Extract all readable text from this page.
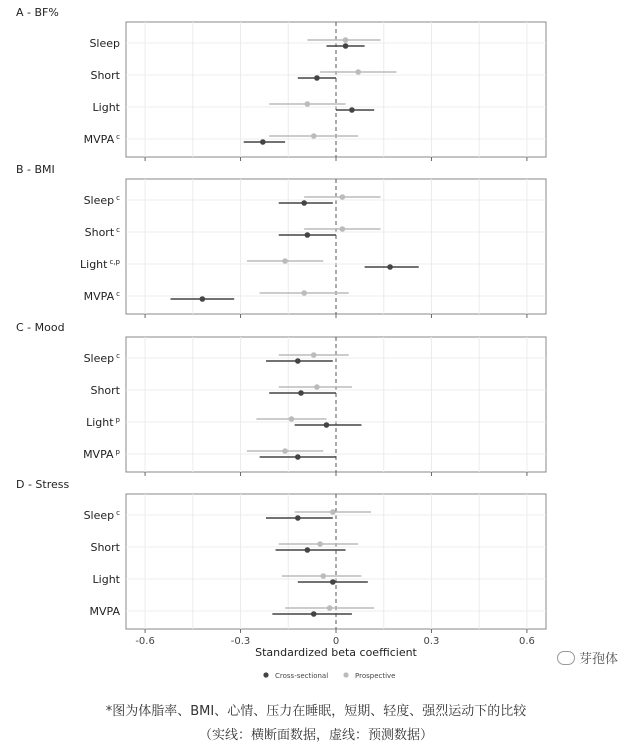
A - BF%
Sleep
Short
Light
MVPA $^c$
B - BMI
Sleep $^c$
Short $^c$
Light $^{c,p}$
MVPA $^c$
C - Mood
Sleep $^c$
Short
Light $^p$
MVPA $^p$
D - Stress
Sleep $^c$
Short
Light
MVPA
-0.6	-0.3	0	0.3	0.6
Standardized beta coefficient
Cross-sectional	Prospective
芽孢体
*图为体脂率、BMI、心情、压力在睡眠，短期、轻度、强烈运动下的比较
（实线：横断面数据，虚线：预测数据）
